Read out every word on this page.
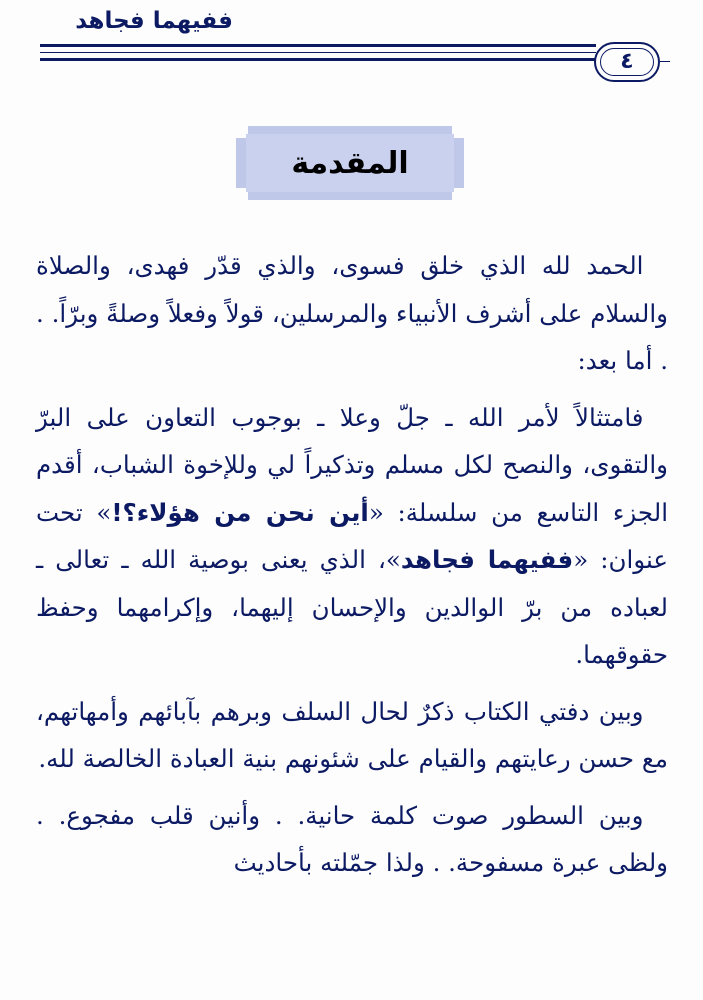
ففيهما فجاهد
٤
المقدمة

 الحمد لله الذي خلق فسوى، والذي قدّر فهدى، والصلاة والسلام على أشرف الأنبياء والمرسلين، قولاً وفعلاً وصلةً وبرّاً. . . أما بعد:

 فامتثالاً لأمر الله ـ جلّ وعلا ـ بوجوب التعاون على البرّ والتقوى، والنصح لكل مسلم وتذكيراً لي وللإخوة الشباب، أقدم الجزء التاسع من سلسلة: «أين نحن من هؤلاء؟!» تحت عنوان: «ففيهما فجاهد»، الذي يعنى بوصية الله ـ تعالى ـ لعباده من برّ الوالدين والإحسان إليهما، وإكرامهما وحفظ حقوقهما.

 وبين دفتي الكتاب ذكرٌ لحال السلف وبرهم بآبائهم وأمهاتهم، مع حسن رعايتهم والقيام على شئونهم بنية العبادة الخالصة لله.

 وبين السطور صوت كلمة حانية. . وأنين قلب مفجوع. . ولظى عبرة مسفوحة. . ولذا جمّلته بأحاديث
